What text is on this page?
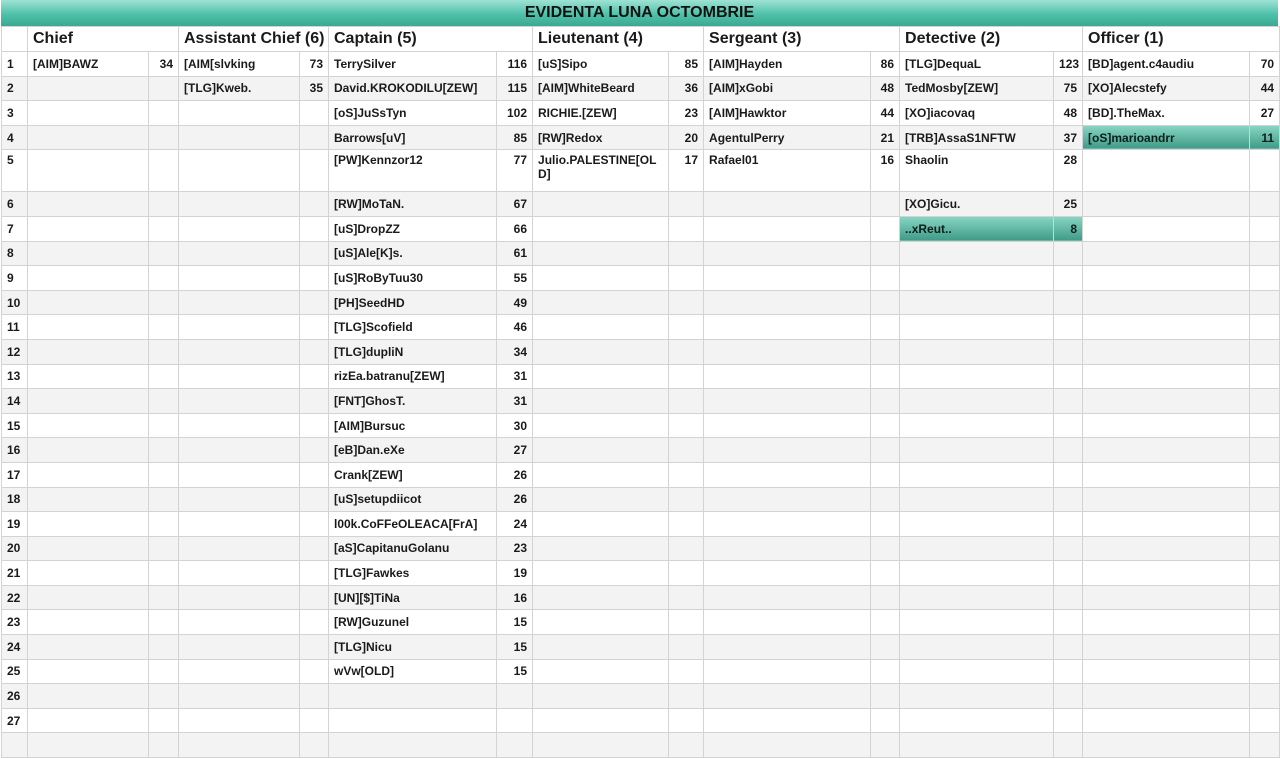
EVIDENTA LUNA OCTOMBRIE
	Chief		Assistant Chief (6)		Captain (5)		Lieutenant (4)		Sergeant (3)		Detective (2)		Officer (1)	
1	[AIM]BAWZ	34	[AIM[slvking	73	TerrySilver	116	[uS]Sipo	85	[AIM]Hayden	86	[TLG]DequaL	123	[BD]agent.c4audiu	70
2			[TLG]Kweb.	35	David.KROKODILU[ZEW]	115	[AIM]WhiteBeard	36	[AIM]xGobi	48	TedMosby[ZEW]	75	[XO]Alecstefy	44
3					[oS]JuSsTyn	102	RICHIE.[ZEW]	23	[AIM]Hawktor	44	[XO]iacovaq	48	[BD].TheMax.	27
4					Barrows[uV]	85	[RW]Redox	20	AgentulPerry	21	[TRB]AssaS1NFTW	37	[oS]marioandrr	11
5					[PW]Kennzor12	77	Julio.PALESTINE[OLD]	17	Rafael01	16	Shaolin	28		
6					[RW]MoTaN.	67					[XO]Gicu.	25		
7					[uS]DropZZ	66					..xReut..	8		
8					[uS]Ale[K]s.	61								
9					[uS]RoByTuu30	55								
10					[PH]SeedHD	49								
11					[TLG]Scofield	46								
12					[TLG]dupliN	34								
13					rizEa.batranu[ZEW]	31								
14					[FNT]GhosT.	31								
15					[AIM]Bursuc	30								
16					[eB]Dan.eXe	27								
17					Crank[ZEW]	26								
18					[uS]setupdiicot	26								
19					l00k.CoFFeOLEACA[FrA]	24								
20					[aS]CapitanuGolanu	23								
21					[TLG]Fawkes	19								
22					[UN][$]TiNa	16								
23					[RW]Guzunel	15								
24					[TLG]Nicu	15								
25					wVw[OLD]	15								
26														
27														
